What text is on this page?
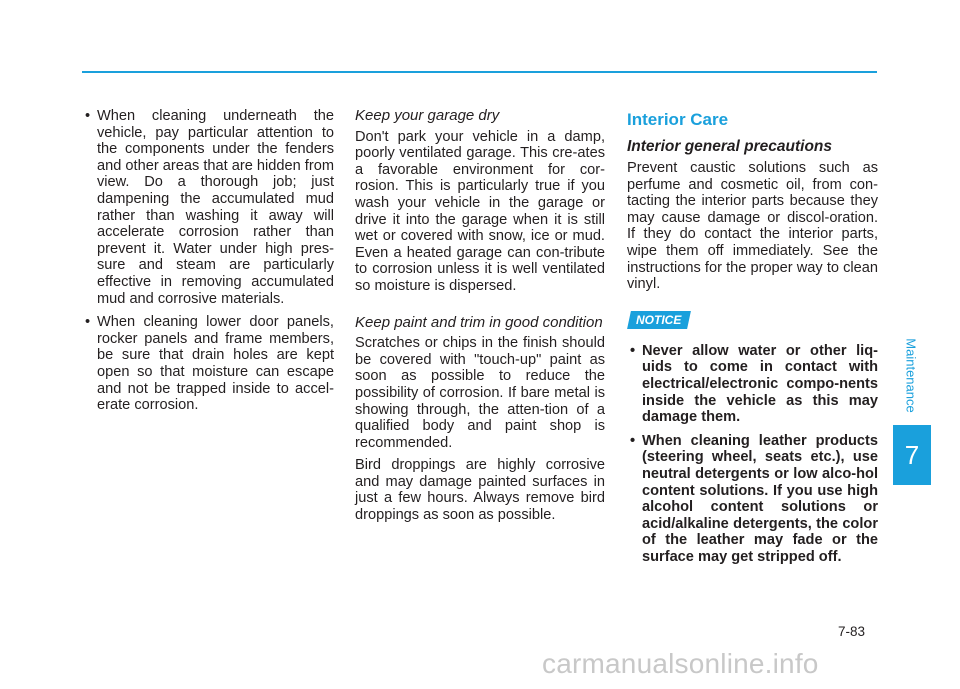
• When cleaning underneath the vehicle, pay particular attention to the components under the fenders and other areas that are hidden from view. Do a thorough job; just dampening the accumulated mud rather than washing it away will accelerate corrosion rather than prevent it. Water under high pres-sure and steam are particularly effective in removing accumulated mud and corrosive materials.
• When cleaning lower door panels, rocker panels and frame members, be sure that drain holes are kept open so that moisture can escape and not be trapped inside to accel-erate corrosion.
Keep your garage dry

Don't park your vehicle in a damp, poorly ventilated garage. This cre-ates a favorable environment for cor-rosion. This is particularly true if you wash your vehicle in the garage or drive it into the garage when it is still wet or covered with snow, ice or mud. Even a heated garage can con-tribute to corrosion unless it is well ventilated so moisture is dispersed.

Keep paint and trim in good condition

Scratches or chips in the finish should be covered with "touch-up" paint as soon as possible to reduce the possibility of corrosion. If bare metal is showing through, the atten-tion of a qualified body and paint shop is recommended.

Bird droppings are highly corrosive and may damage painted surfaces in just a few hours. Always remove bird droppings as soon as possible.

Interior Care
Interior general precautions

Prevent caustic solutions such as perfume and cosmetic oil, from con-tacting the interior parts because they may cause damage or discol-oration. If they do contact the interior parts, wipe them off immediately. See the instructions for the proper way to clean vinyl.

NOTICE
• Never allow water or other liq-uids to come in contact with electrical/electronic compo-nents inside the vehicle as this may damage them.
• When cleaning leather products (steering wheel, seats etc.), use neutral detergents or low alco-hol content solutions. If you use high alcohol content solutions or acid/alkaline detergents, the color of the leather may fade or the surface may get stripped off.
Maintenance
7
7-83
carmanualsonline.info
